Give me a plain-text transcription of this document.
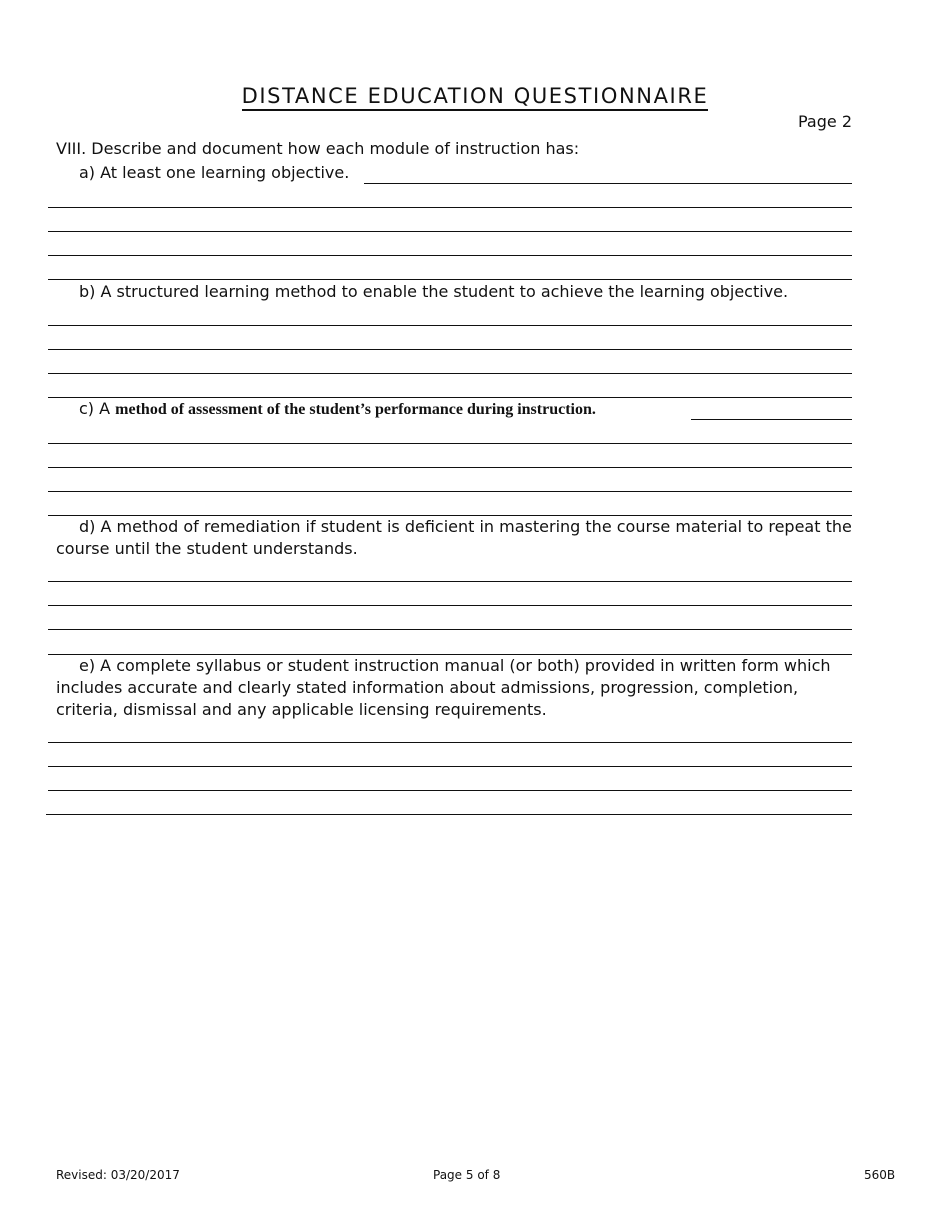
DISTANCE EDUCATION QUESTIONNAIRE
Page 2
VIII. Describe and document how each module of instruction has:
a) At least one learning objective.
b) A structured learning method to enable the student to achieve the learning objective.
c) A method of assessment of the student’s performance during instruction.
d) A method of remediation if student is deficient in mastering the course material to repeat the course until the student understands.
e) A complete syllabus or student instruction manual (or both) provided in written form which includes accurate and clearly stated information about admissions, progression, completion, criteria, dismissal and any applicable licensing requirements.
Revised: 03/20/2017	Page 5 of 8	560B
